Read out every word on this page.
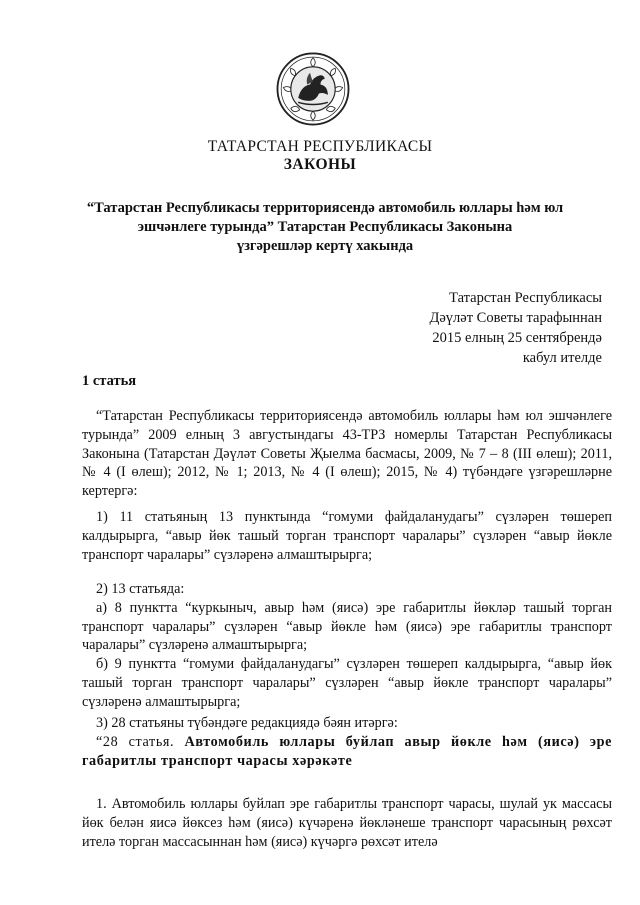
ТАТАРСТАН РЕСПУБЛИКАСЫ
ЗАКОНЫ
“Татарстан Республикасы территориясендә автомобиль юллары һәм юл
эшчәнлеге турында” Татарстан Республикасы Законына
үзгәрешләр кертү хакында
Татарстан Республикасы
Дәүләт Советы тарафыннан
2015 елның 25 сентябрендә
кабул ителде
1 статья

“Татарстан Республикасы территориясендә автомобиль юллары һәм юл эшчәнлеге турында” 2009 елның 3 августындагы 43-ТРЗ номерлы Татарстан Республикасы Законына (Татарстан Дәүләт Советы Җыелма басмасы, 2009, № 7 – 8 (III өлеш); 2011, № 4 (I өлеш); 2012, № 1; 2013, № 4 (I өлеш); 2015, № 4) түбәндәге үзгәрешләрне кертергә:

1) 11 статьяның 13 пунктында “гомуми файдаланудагы” сүзләрен төшереп калдырырга, “авыр йөк ташый торган транспорт чаралары” сүзләрен “авыр йөкле транспорт чаралары” сүзләренә алмаштырырга;

2) 13 статьяда:

а) 8 пунктта “куркыныч, авыр һәм (яисә) эре габаритлы йөкләр ташый торган транспорт чаралары” сүзләрен “авыр йөкле һәм (яисә) эре габаритлы транспорт чаралары” сүзләренә алмаштырырга;

б) 9 пунктта “гомуми файдаланудагы” сүзләрен төшереп калдырырга, “авыр йөк ташый торган транспорт чаралары” сүзләрен “авыр йөкле транспорт чаралары” сүзләренә алмаштырырга;

3) 28 статьяны түбәндәге редакциядә бәян итәргә:

“28 статья. Автомобиль юллары буйлап авыр йөкле һәм (яисә) эре габаритлы транспорт чарасы хәрәкәте

1. Автомобиль юллары буйлап эре габаритлы транспорт чарасы, шулай ук массасы йөк белән яисә йөксез һәм (яисә) күчәренә йөкләнеше транспорт чарасының рөхсәт ителә торган массасыннан һәм (яисә) күчәргә рөхсәт ителә
